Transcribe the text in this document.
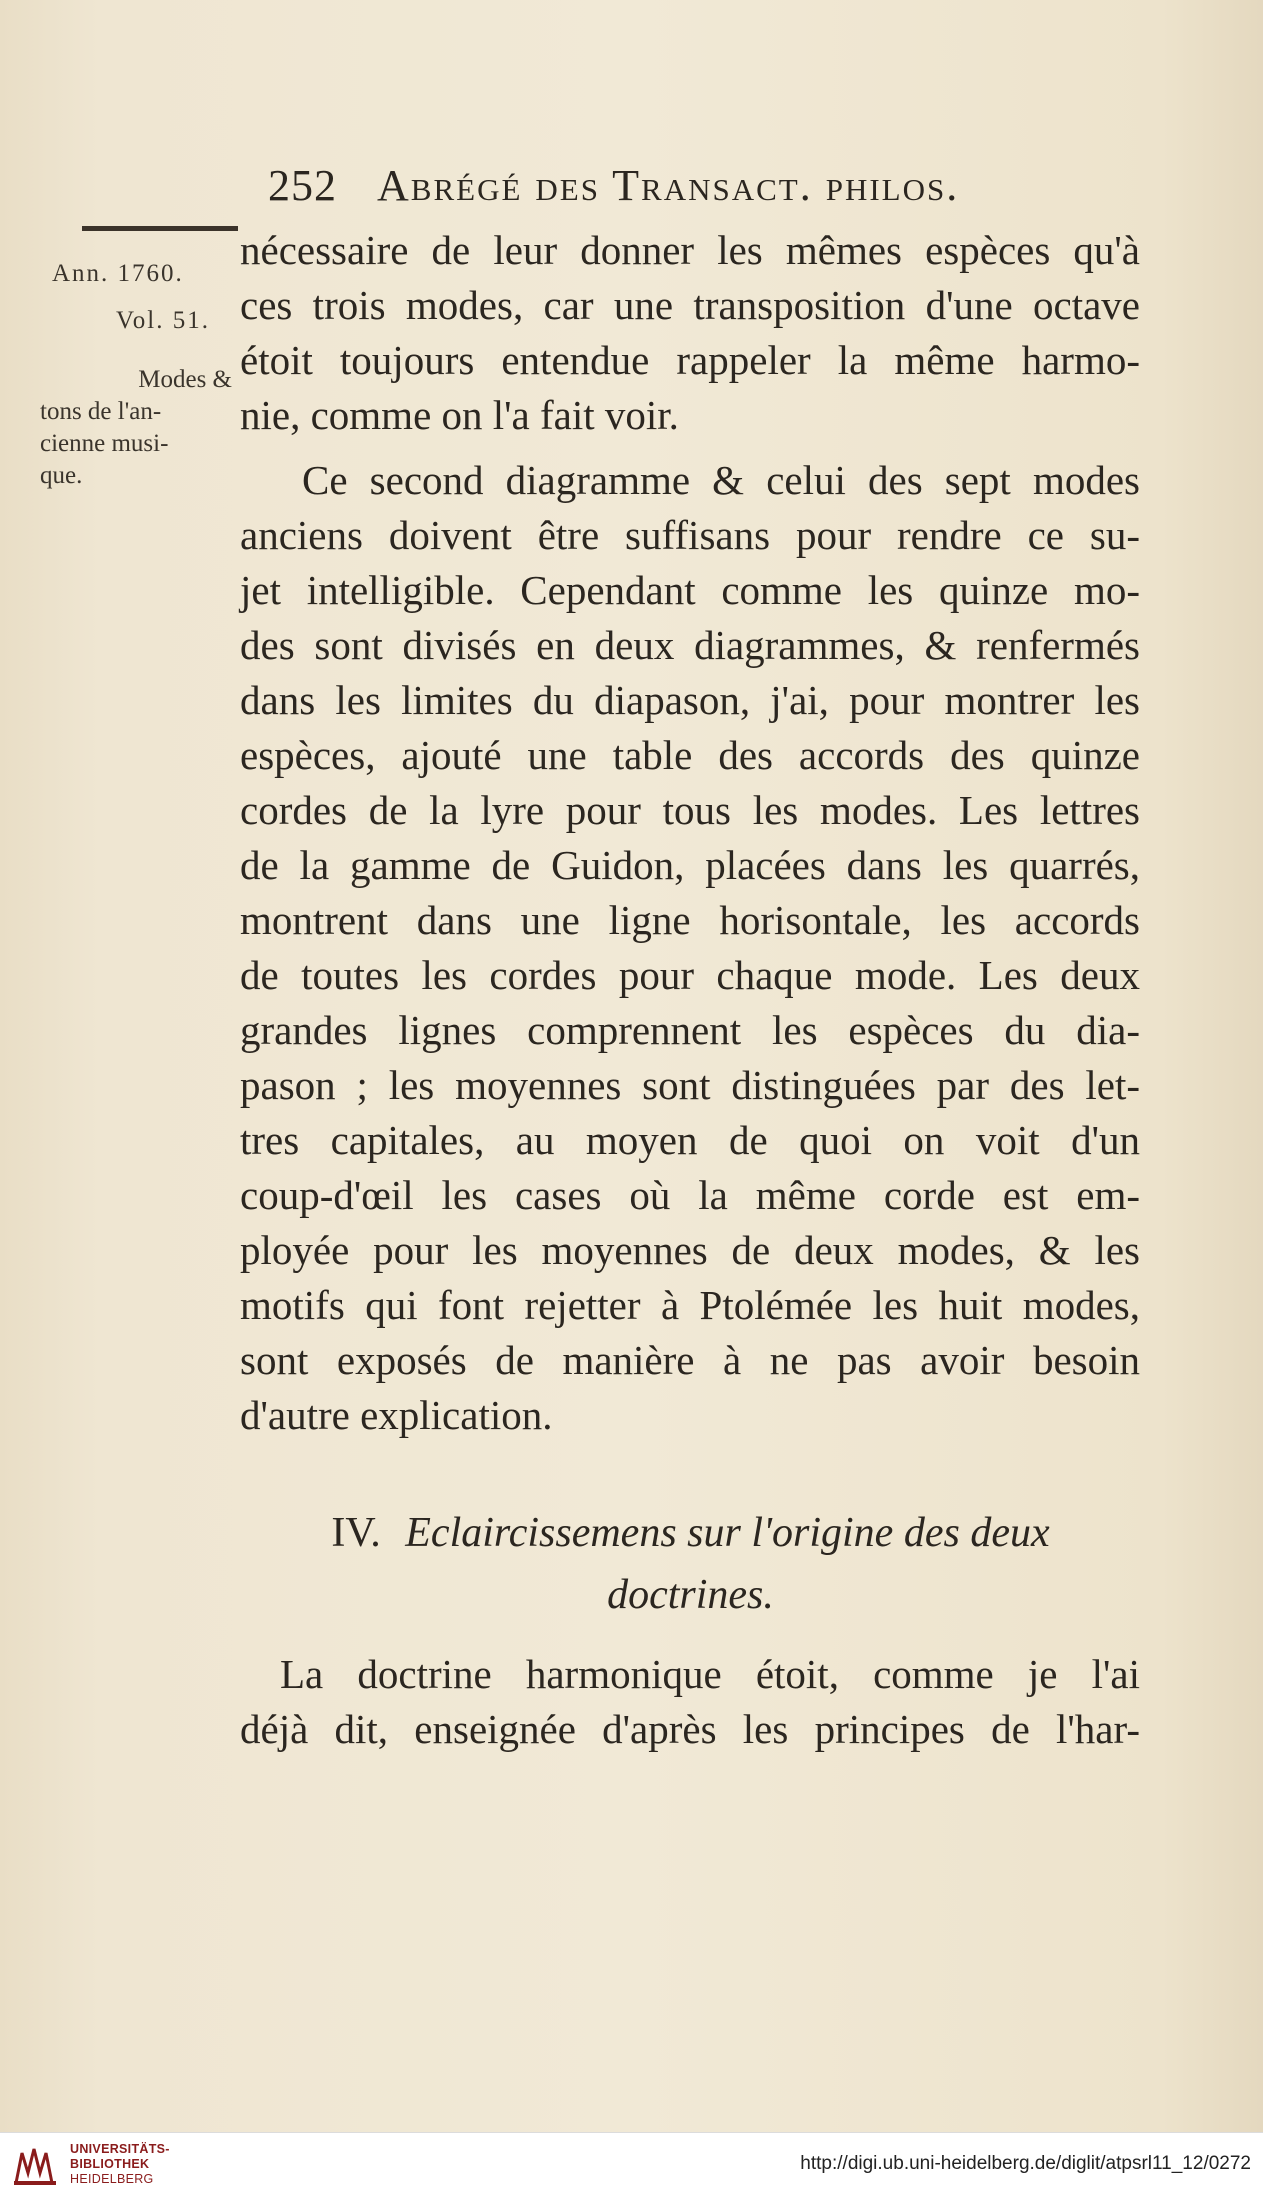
252 Abrégé des Transact. philos.
Ann. 1760.
Vol. 51.
Modes &
tons de l'an-
cienne musi-
que.
nécessaire de leur donner les mêmes espèces qu'à
ces trois modes, car une transposition d'une octave
étoit toujours entendue rappeler la même harmo-
nie, comme on l'a fait voir.
Ce second diagramme & celui des sept modes
anciens doivent être suffisans pour rendre ce su-
jet intelligible. Cependant comme les quinze mo-
des sont divisés en deux diagrammes, & renfermés
dans les limites du diapason, j'ai, pour montrer les
espèces, ajouté une table des accords des quinze
cordes de la lyre pour tous les modes. Les lettres
de la gamme de Guidon, placées dans les quarrés,
montrent dans une ligne horisontale, les accords
de toutes les cordes pour chaque mode. Les deux
grandes lignes comprennent les espèces du dia-
pason ; les moyennes sont distinguées par des let-
tres capitales, au moyen de quoi on voit d'un
coup-d'œil les cases où la même corde est em-
ployée pour les moyennes de deux modes, & les
motifs qui font rejetter à Ptolémée les huit modes,
sont exposés de manière à ne pas avoir besoin
d'autre explication.
IV. Eclaircissemens sur l'origine des deux
doctrines.
La doctrine harmonique étoit, comme je l'ai
déjà dit, enseignée d'après les principes de l'har-
UNIVERSITÄTS-
BIBLIOTHEK
HEIDELBERG
http://digi.ub.uni-heidelberg.de/diglit/atpsrl11_12/0272
